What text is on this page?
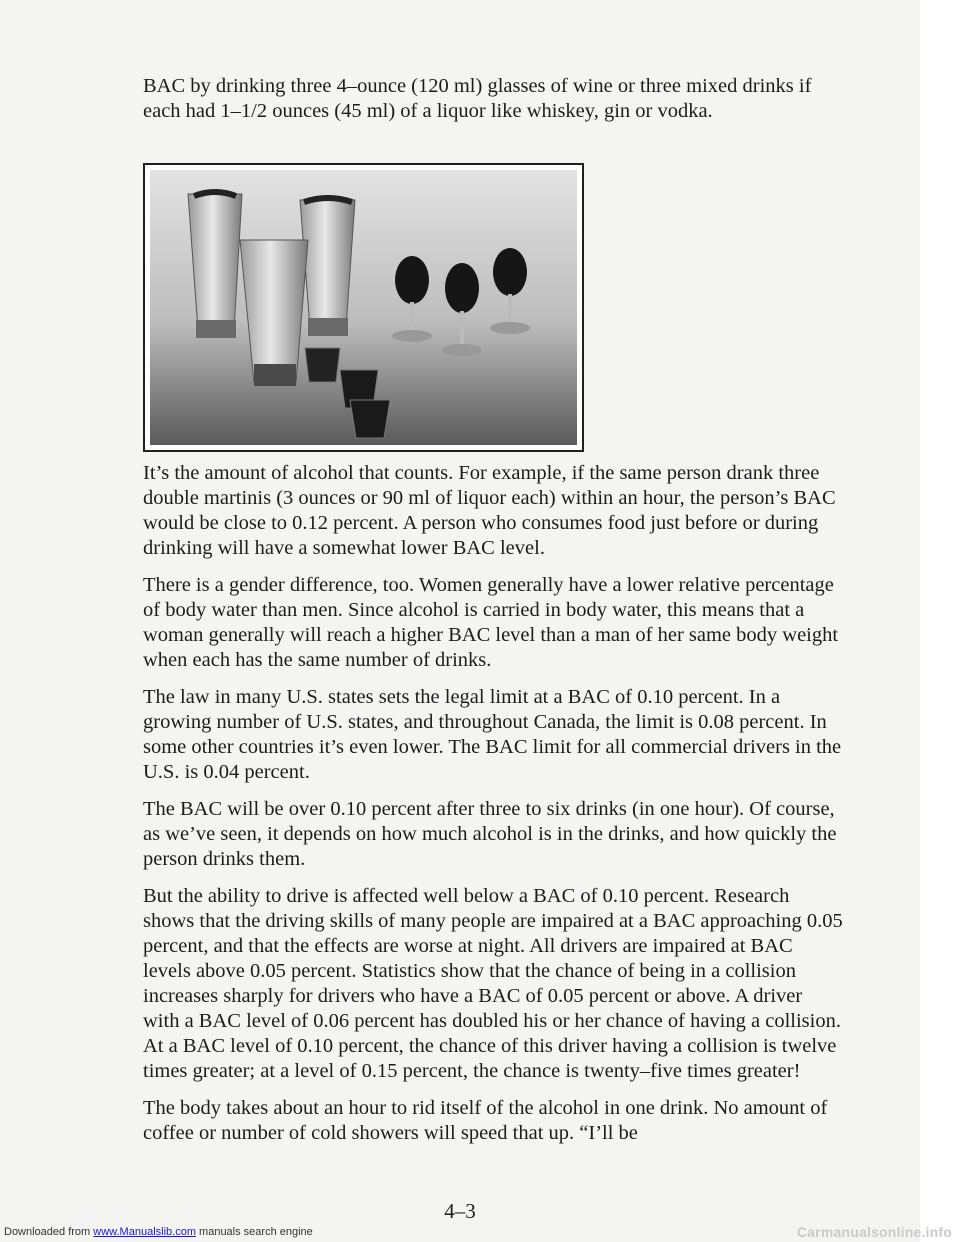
BAC by drinking three 4–ounce (120 ml) glasses of wine or three mixed drinks if each had 1–1/2 ounces (45 ml) of a liquor like whiskey, gin or vodka.

It’s the amount of alcohol that counts. For example, if the same person drank three double martinis (3 ounces or 90 ml of liquor each) within an hour, the person’s BAC would be close to 0.12 percent. A person who consumes food just before or during drinking will have a somewhat lower BAC level.

There is a gender difference, too. Women generally have a lower relative percentage of body water than men. Since alcohol is carried in body water, this means that a woman generally will reach a higher BAC level than a man of her same body weight when each has the same number of drinks.

The law in many U.S. states sets the legal limit at a BAC of 0.10 percent. In a growing number of U.S. states, and throughout Canada, the limit is 0.08 percent. In some other countries it’s even lower. The BAC limit for all commercial drivers in the U.S. is 0.04 percent.

The BAC will be over 0.10 percent after three to six drinks (in one hour). Of course, as we’ve seen, it depends on how much alcohol is in the drinks, and how quickly the person drinks them.

But the ability to drive is affected well below a BAC of 0.10 percent. Research shows that the driving skills of many people are impaired at a BAC approaching 0.05 percent, and that the effects are worse at night. All drivers are impaired at BAC levels above 0.05 percent. Statistics show that the chance of being in a collision increases sharply for drivers who have a BAC of 0.05 percent or above. A driver with a BAC level of 0.06 percent has doubled his or her chance of having a collision. At a BAC level of 0.10 percent, the chance of this driver having a collision is twelve times greater; at a level of 0.15 percent, the chance is twenty–five times greater!

The body takes about an hour to rid itself of the alcohol in one drink. No amount of coffee or number of cold showers will speed that up. “I’ll be

4–3
Downloaded from www.Manualslib.com manuals search engine	Carmanualsonline.info
